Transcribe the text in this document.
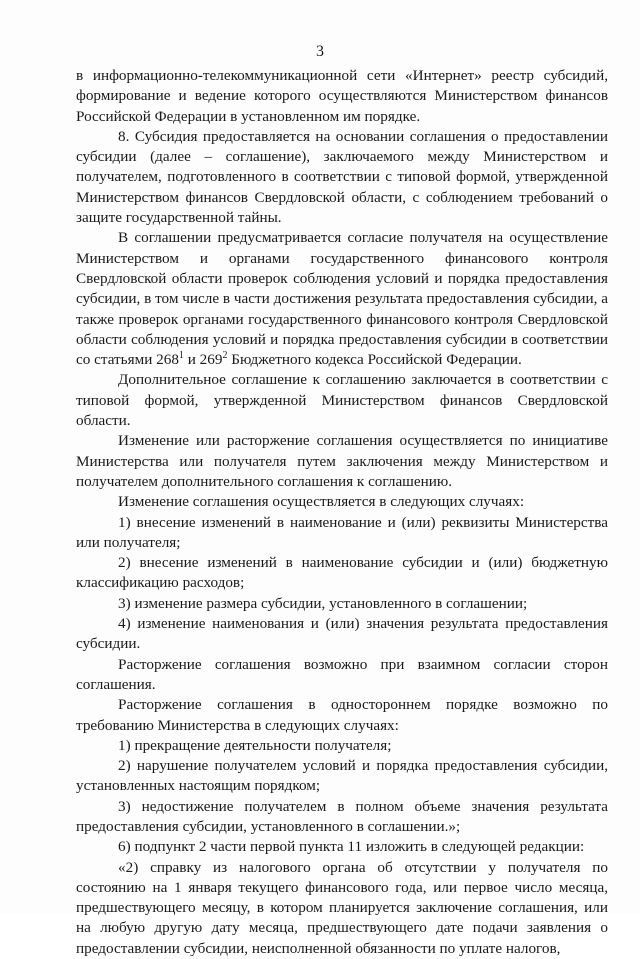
3

в информационно-телекоммуникационной сети «Интернет» реестр субсидий, формирование и ведение которого осуществляются Министерством финансов Российской Федерации в установленном им порядке.

8. Субсидия предоставляется на основании соглашения о предоставлении субсидии (далее – соглашение), заключаемого между Министерством и получателем, подготовленного в соответствии с типовой формой, утвержденной Министерством финансов Свердловской области, с соблюдением требований о защите государственной тайны.

В соглашении предусматривается согласие получателя на осуществление Министерством и органами государственного финансового контроля Свердловской области проверок соблюдения условий и порядка предоставления субсидии, в том числе в части достижения результата предоставления субсидии, а также проверок органами государственного финансового контроля Свердловской области соблюдения условий и порядка предоставления субсидии в соответствии со статьями $268^1$ и $269^2$ Бюджетного кодекса Российской Федерации.

Дополнительное соглашение к соглашению заключается в соответствии с типовой формой, утвержденной Министерством финансов Свердловской области.

Изменение или расторжение соглашения осуществляется по инициативе Министерства или получателя путем заключения между Министерством и получателем дополнительного соглашения к соглашению.

Изменение соглашения осуществляется в следующих случаях:

1) внесение изменений в наименование и (или) реквизиты Министерства или получателя;

2) внесение изменений в наименование субсидии и (или) бюджетную классификацию расходов;

3) изменение размера субсидии, установленного в соглашении;

4) изменение наименования и (или) значения результата предоставления субсидии.

Расторжение соглашения возможно при взаимном согласии сторон соглашения.

Расторжение соглашения в одностороннем порядке возможно по требованию Министерства в следующих случаях:

1) прекращение деятельности получателя;

2) нарушение получателем условий и порядка предоставления субсидии, установленных настоящим порядком;

3) недостижение получателем в полном объеме значения результата предоставления субсидии, установленного в соглашении.»;

6) подпункт 2 части первой пункта 11 изложить в следующей редакции:

«2) справку из налогового органа об отсутствии у получателя по состоянию на 1 января текущего финансового года, или первое число месяца, предшествующего месяцу, в котором планируется заключение соглашения, или на любую другую дату месяца, предшествующего дате подачи заявления о предоставлении субсидии, неисполненной обязанности по уплате налогов,
